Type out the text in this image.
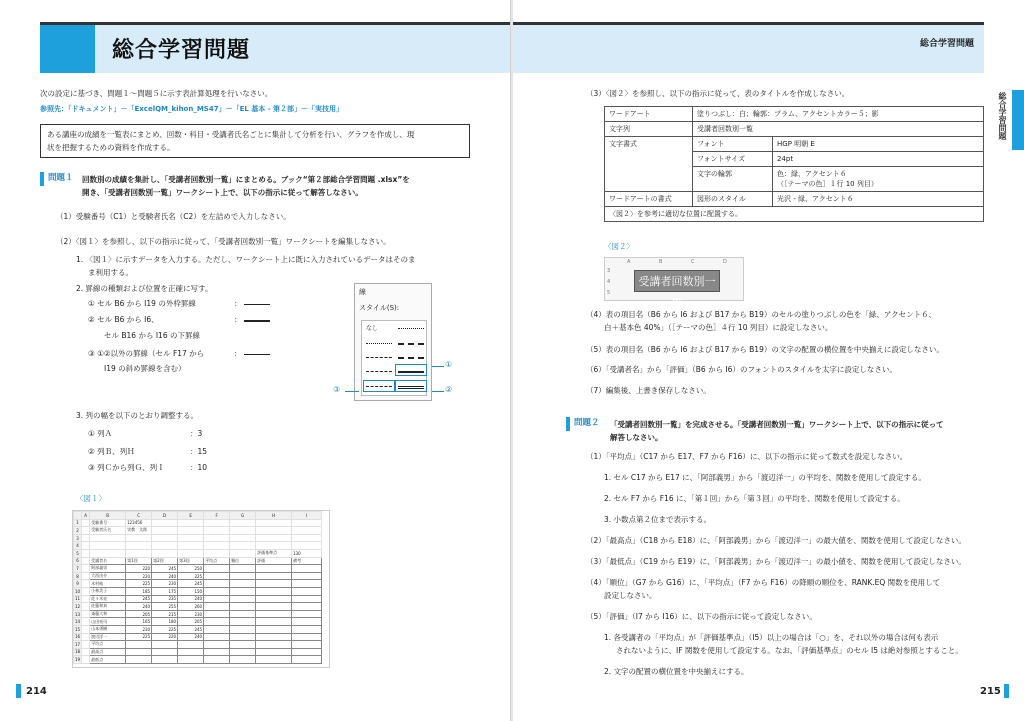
総合学習問題
次の設定に基づき、問題１～問題５に示す表計算処理を行いなさい。
参照先：「ドキュメント」－「ExcelQM_kihon_MS47」－「EL 基本 - 第２部」－「実技用」
ある講座の成績を一覧表にまとめ、回数・科目・受講者氏名ごとに集計して分析を行い、グラフを作成し、現
状を把握するための資料を作成する。
問題１ 回数別の成績を集計し、「受講者回数別一覧」にまとめる。ブック“第２部総合学習問題 .xlsx”を
開き、「受講者回数別一覧」ワークシート上で、以下の指示に従って解答しなさい。
（1）受験番号（C1）と受験者氏名（C2）を左詰めで入力しなさい。
（2）〈図１〉を参照し、以下の指示に従って、「受講者回数別一覧」ワークシートを編集しなさい。
1. 〈図１〉に示すデータを入力する。ただし、ワークシート上に既に入力されているデータはそのま
ま利用する。
2. 罫線の種類および位置を正確に写す。
① セル B6 から I19 の外枠罫線	：
② セル B6 から I6、	：
セル B16 から I16 の下罫線
③ ①②以外の罫線（セル F17 から	：
I19 の斜め罫線を含む）
線
スタイル(S):
なし
①
②
③
3. 列の幅を以下のとおり調整する。
① 列Ａ	：3
② 列Ｂ、列Ｈ	：15
③ 列Ｃから列Ｇ、列Ｉ	：10
〈図１〉
	A	B	C	D	E	F	G	H	I
1		受験番号	123456						
2		受験者氏名	実教　太郎						
3									
4									
5								評価基準点	130
6		受講者名	第1回	第2回	第3回	平均点	順位	評価	備考
7		阿部義男	220	245	250				
8		大西由介	220	240	225				
9		木村純	225	230	245				
10		小林美子	185	175	150				
11		佐々木亮	245	235	240				
12		佐藤和真	240	255	260				
13		斎藤大和	205	215	230				
14		山田亮司	165	180	205				
15		山本勇樹	230	225	245				
16		渡辺洋一	225	220	240				
17		平均点							
18		最高点							
19		最低点							
214
総合学習問題
総合学習問題
（3）〈図２〉を参照し、以下の指示に従って、表のタイトルを作成しなさい。
ワードアート	塗りつぶし：白；輪郭：プラム、アクセントカラー５；影	
文字列	受講者回数別一覧	
文字書式	フォント	HGP 明朝 E
	フォントサイズ	24pt
	文字の輪郭	色：緑、アクセント６
（［テーマの色］１行 10 列目）

ワードアートの書式	図形のスタイル	光沢 - 緑、アクセント６
〈図２〉を参考に適切な位置に配置する。		
〈図２〉
A	B	C	D
3
4
5
受講者回数別一覧
（4）表の項目名（B6 から I6 および B17 から B19）のセルの塗りつぶしの色を「緑、アクセント６、
白＋基本色 40%」（［テーマの色］４行 10 列目）に設定しなさい。
（5）表の項目名（B6 から I6 および B17 から B19）の文字の配置の横位置を中央揃えに設定しなさい。
（6）「受講者名」から「評価」（B6 から I6）のフォントのスタイルを太字に設定しなさい。
（7）編集後、上書き保存しなさい。
問題２ 「受講者回数別一覧」を完成させる。「受講者回数別一覧」ワークシート上で、以下の指示に従って
解答しなさい。
（1）「平均点」（C17 から E17、F7 から F16）に、以下の指示に従って数式を設定しなさい。
1. セル C17 から E17 に、「阿部義男」から「渡辺洋一」の平均を、関数を使用して設定する。
2. セル F7 から F16 に、「第１回」から「第３回」の平均を、関数を使用して設定する。
3. 小数点第２位まで表示する。
（2）「最高点」（C18 から E18）に、「阿部義男」から「渡辺洋一」の最大値を、関数を使用して設定しなさい。
（3）「最低点」（C19 から E19）に、「阿部義男」から「渡辺洋一」の最小値を、関数を使用して設定しなさい。
（4）「順位」（G7 から G16）に、「平均点」（F7 から F16）の降順の順位を、RANK.EQ 関数を使用して
設定しなさい。
（5）「評価」（I7 から I16）に、以下の指示に従って設定しなさい。
1. 各受講者の「平均点」が「評価基準点」（I5）以上の場合は「○」を、それ以外の場合は何も表示
されないように、IF 関数を使用して設定する。なお、「評価基準点」のセル I5 は絶対参照とすること。
2. 文字の配置の横位置を中央揃えにする。
215
